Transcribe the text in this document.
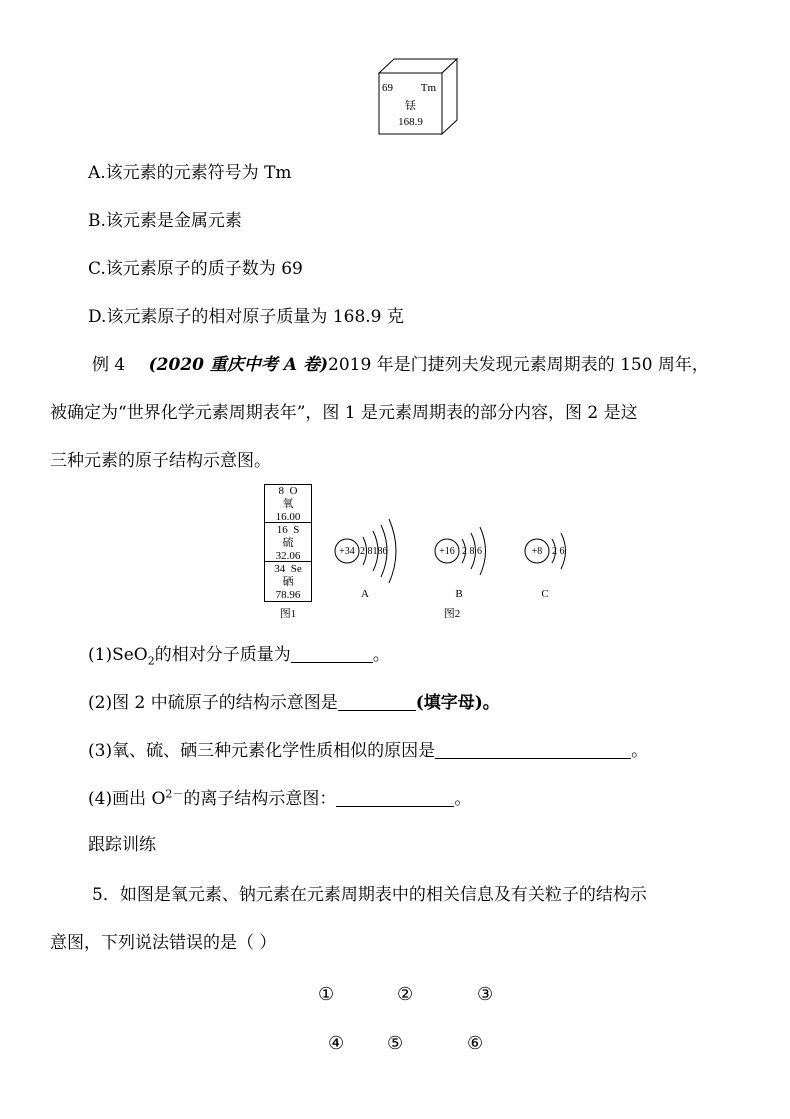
69	Tm
铥
168.9
A.该元素的元素符号为 Tm
B.该元素是金属元素
C.该元素原子的质子数为 69
D.该元素原子的相对原子质量为 168.9 克
例 4 (2020 重庆中考 A 卷)2019 年是门捷列夫发现元素周期表的 150 周年，
被确定为“世界化学元素周期表年”，图 1 是元素周期表的部分内容，图 2 是这
三种元素的原子结构示意图。
8 O
氧
16.00
16 S
硫
32.06
34 Se
硒
78.96
图1
+34 2 8186
A
+16 2 8 6
B
+8 2 6
C
图2
(1)SeO$_2$的相对分子质量为	。
(2)图 2 中硫原子的结构示意图是	(填字母)。
(3)氧、硫、硒三种元素化学性质相似的原因是	。
(4)画出 $O^{2-}$的离子结构示意图：	。
跟踪训练
5．如图是氧元素、钠元素在元素周期表中的相关信息及有关粒子的结构示
意图，下列说法错误的是（ ）
①	②	③
④ ⑤	⑥
